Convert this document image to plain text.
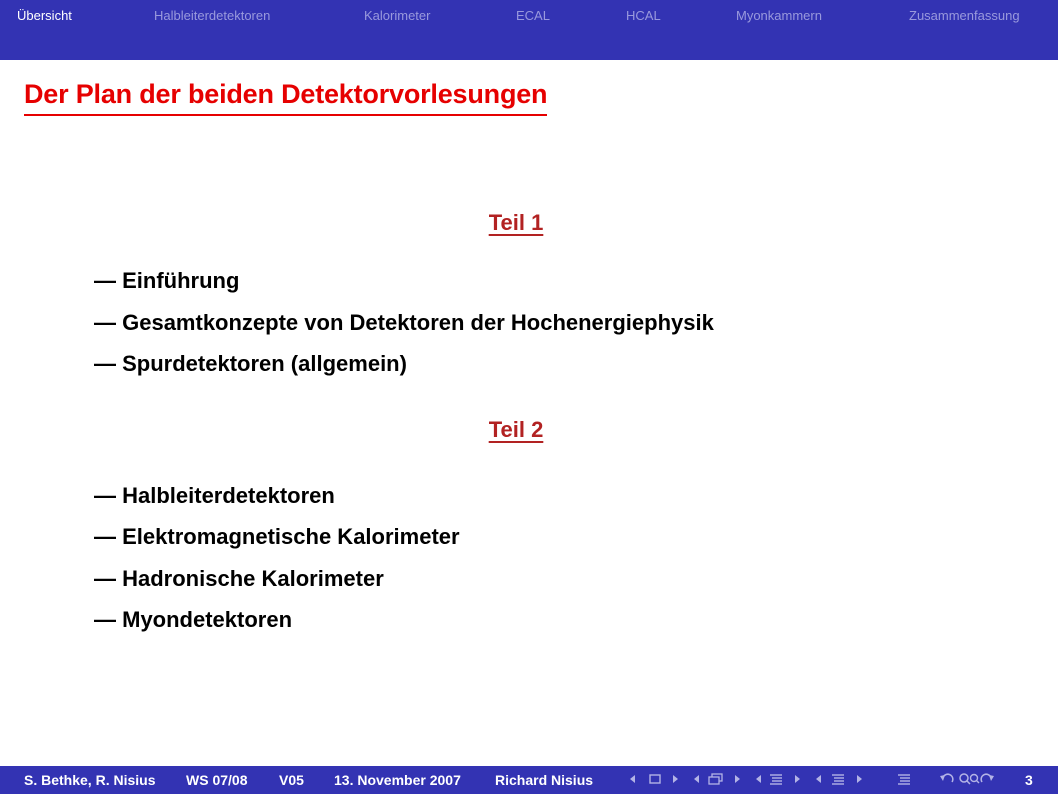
Übersicht	Halbleiterdetektoren	Kalorimeter	ECAL	HCAL	Myonkammern	Zusammenfassung
Der Plan der beiden Detektorvorlesungen
Teil 1
— Einführung
— Gesamtkonzepte von Detektoren der Hochenergiephysik
— Spurdetektoren (allgemein)
Teil 2
— Halbleiterdetektoren
— Elektromagnetische Kalorimeter
— Hadronische Kalorimeter
— Myondetektoren
S. Bethke, R. Nisius WS 07/08 V05 13. November 2007 Richard Nisius	3
